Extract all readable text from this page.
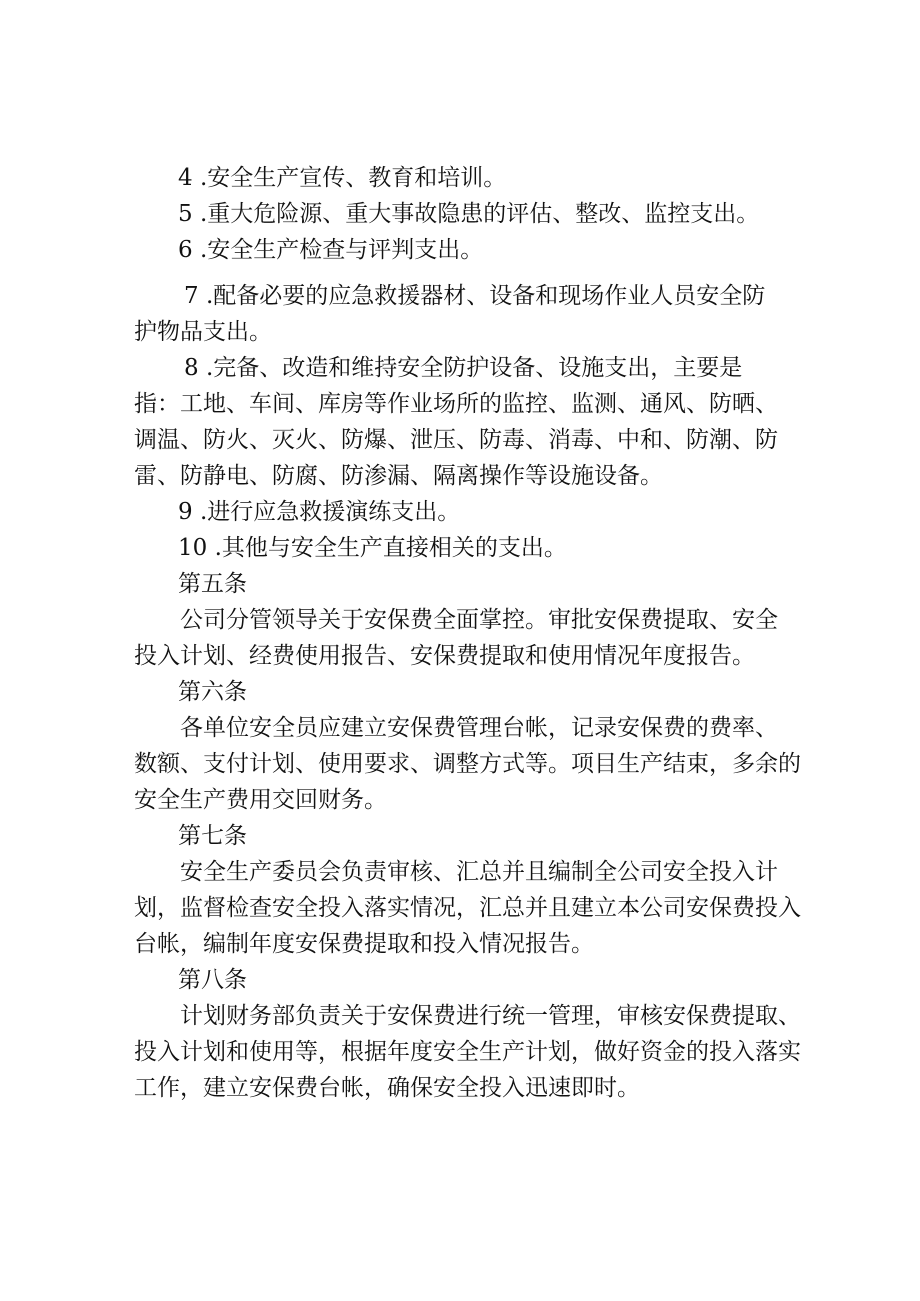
4 .安全生产宣传、教育和培训。
5 .重大危险源、重大事故隐患的评估、整改、监控支出。
6 .安全生产检查与评判支出。
7 .配备必要的应急救援器材、设备和现场作业人员安全防
护物品支出。
8 .完备、改造和维持安全防护设备、设施支出，主要是
指：工地、车间、库房等作业场所的监控、监测、通风、防晒、
调温、防火、灭火、防爆、泄压、防毒、消毒、中和、防潮、防
雷、防静电、防腐、防渗漏、隔离操作等设施设备。
9 .进行应急救援演练支出。
10 .其他与安全生产直接相关的支出。
第五条
公司分管领导关于安保费全面掌控。审批安保费提取、安全
投入计划、经费使用报告、安保费提取和使用情况年度报告。
第六条
各单位安全员应建立安保费管理台帐，记录安保费的费率、
数额、支付计划、使用要求、调整方式等。项目生产结束，多余的
安全生产费用交回财务。
第七条
安全生产委员会负责审核、汇总并且编制全公司安全投入计
划，监督检查安全投入落实情况，汇总并且建立本公司安保费投入
台帐，编制年度安保费提取和投入情况报告。
第八条
计划财务部负责关于安保费进行统一管理，审核安保费提取、
投入计划和使用等，根据年度安全生产计划，做好资金的投入落实
工作，建立安保费台帐，确保安全投入迅速即时。
